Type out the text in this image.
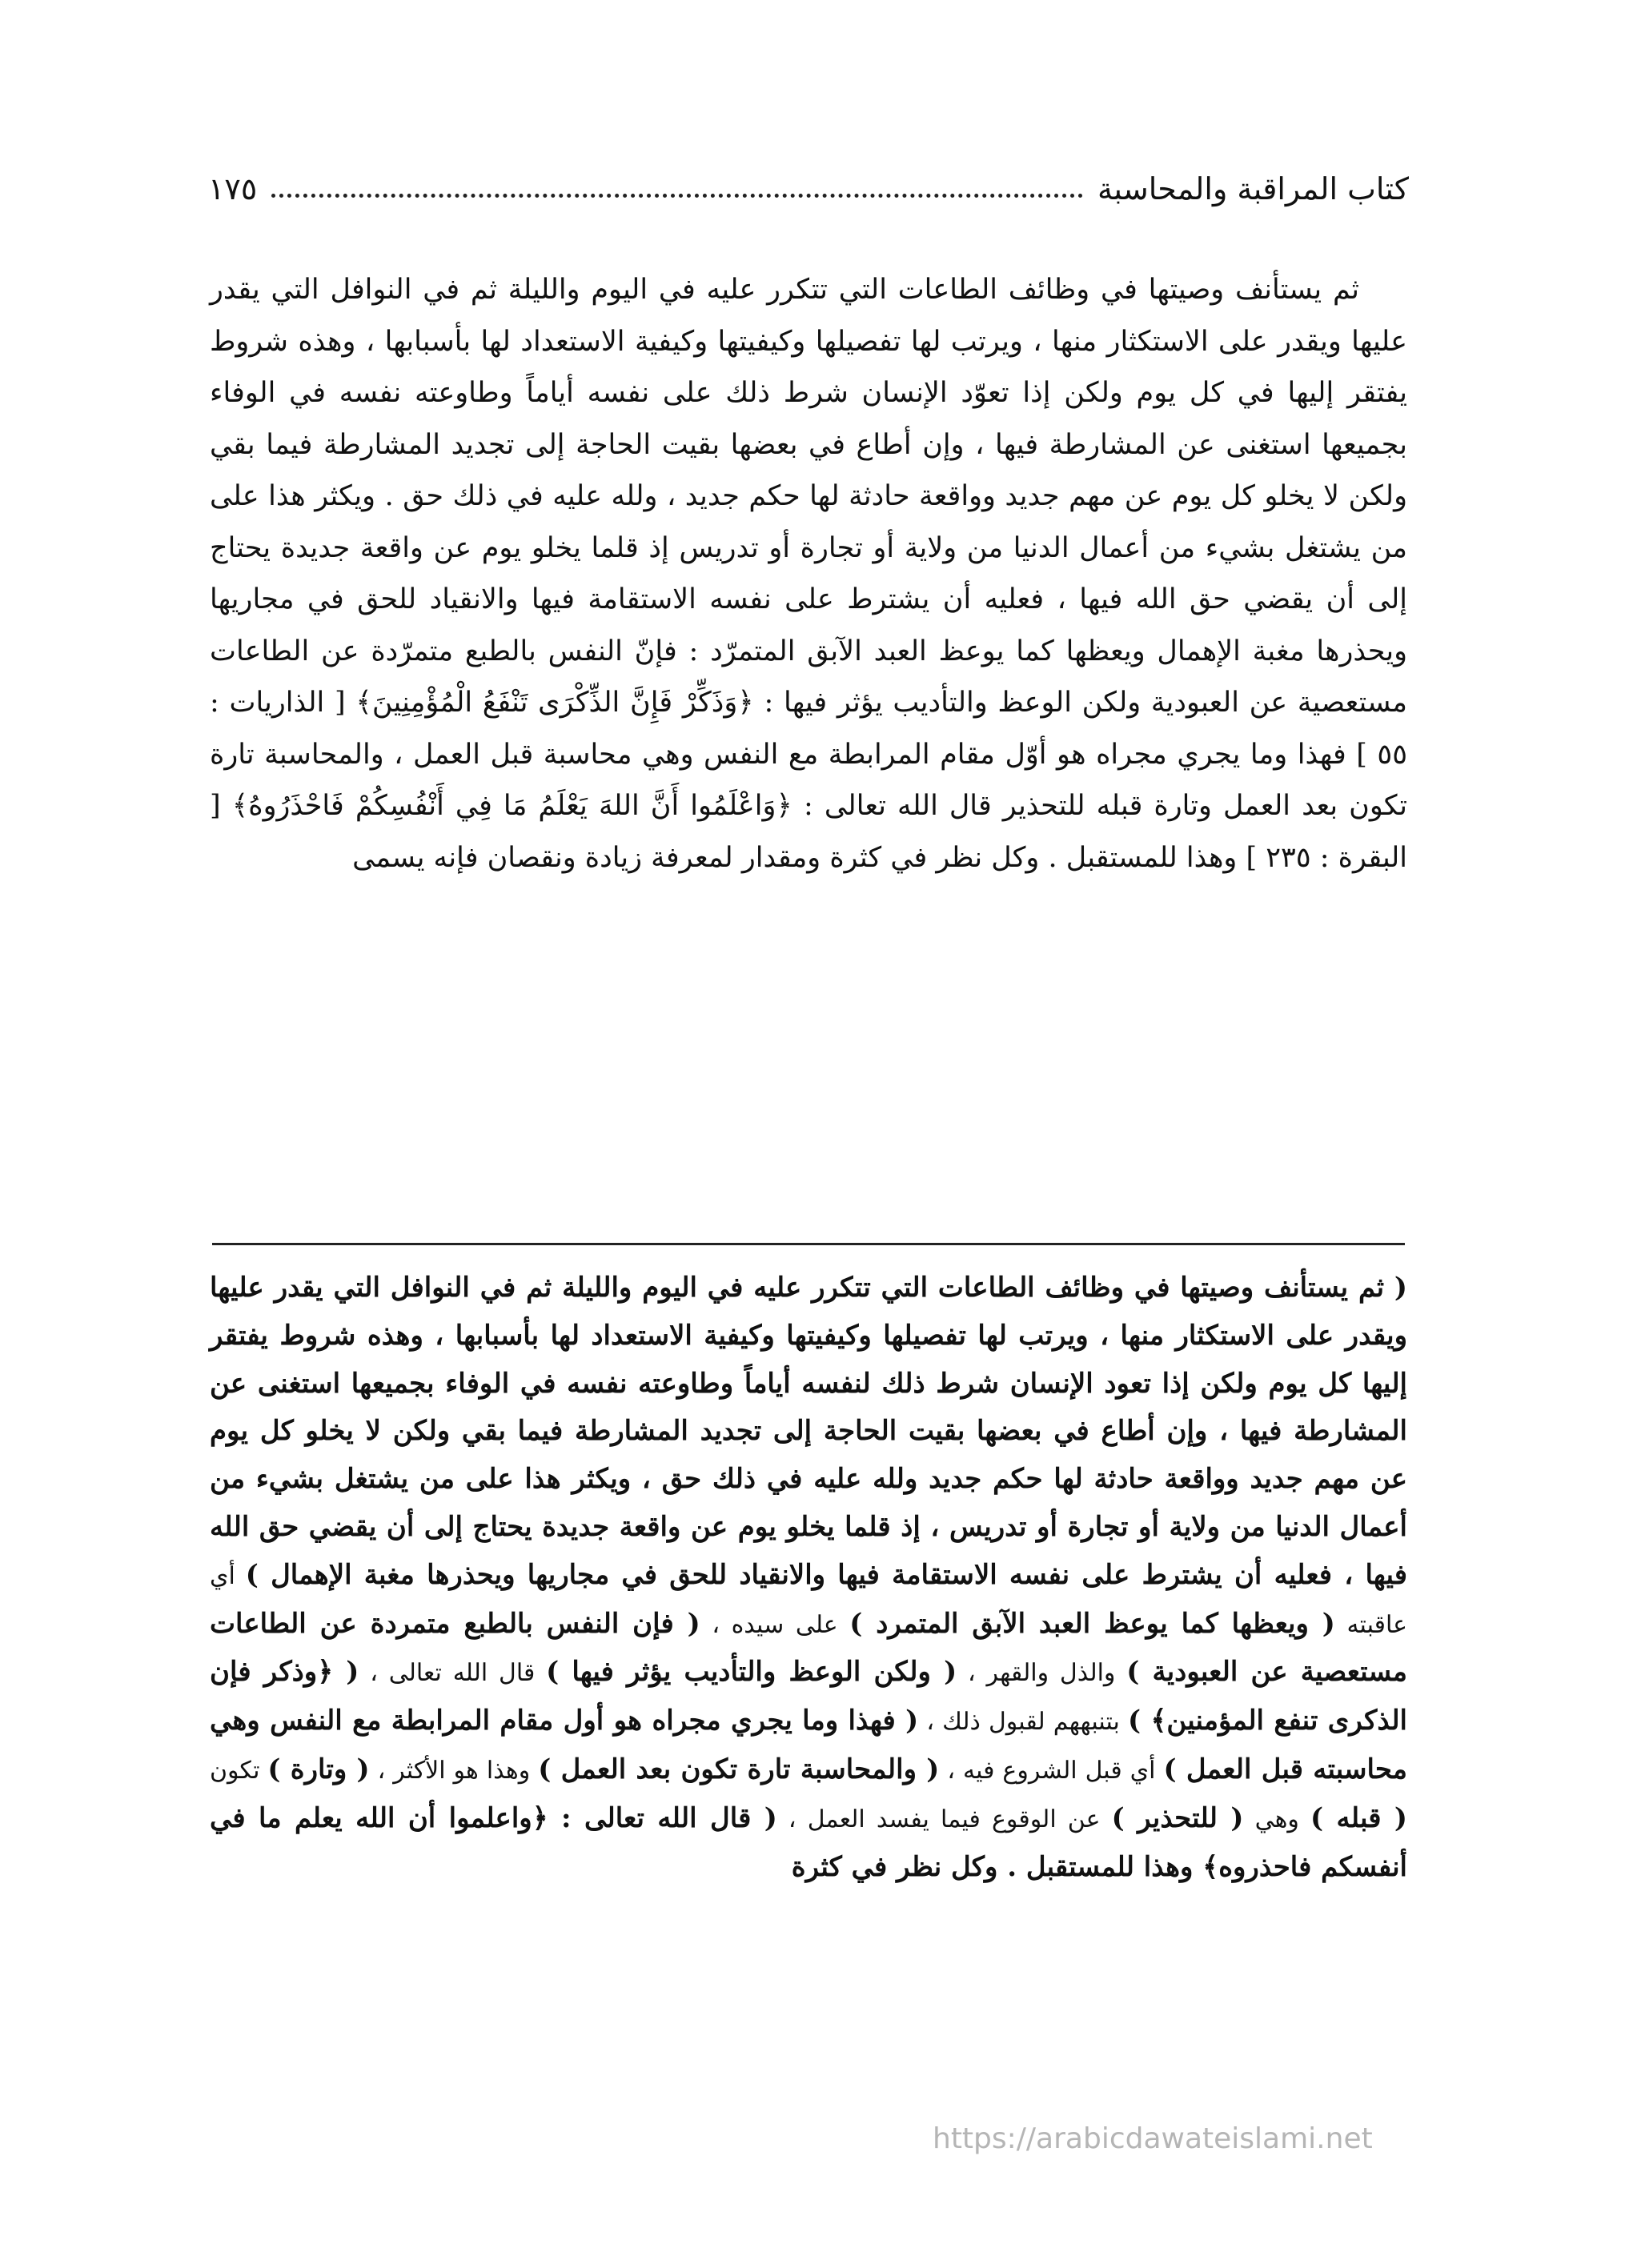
كتاب المراقبة والمحاسبة
١٧٥

ثم يستأنف وصيتها في وظائف الطاعات التي تتكرر عليه في اليوم والليلة ثم في النوافل التي يقدر عليها ويقدر على الاستكثار منها ، ويرتب لها تفصيلها وكيفيتها وكيفية الاستعداد لها بأسبابها ، وهذه شروط يفتقر إليها في كل يوم ولكن إذا تعوّد الإنسان شرط ذلك على نفسه أياماً وطاوعته نفسه في الوفاء بجميعها استغنى عن المشارطة فيها ، وإن أطاع في بعضها بقيت الحاجة إلى تجديد المشارطة فيما بقي ولكن لا يخلو كل يوم عن مهم جديد وواقعة حادثة لها حكم جديد ، ولله عليه في ذلك حق . ويكثر هذا على من يشتغل بشيء من أعمال الدنيا من ولاية أو تجارة أو تدريس إذ قلما يخلو يوم عن واقعة جديدة يحتاج إلى أن يقضي حق الله فيها ، فعليه أن يشترط على نفسه الاستقامة فيها والانقياد للحق في مجاريها ويحذرها مغبة الإهمال ويعظها كما يوعظ العبد الآبق المتمرّد : فإنّ النفس بالطبع متمرّدة عن الطاعات مستعصية عن العبودية ولكن الوعظ والتأديب يؤثر فيها : ﴿وَذَكِّرْ فَإِنَّ الذِّكْرَى تَنْفَعُ الْمُؤْمِنِينَ﴾ [ الذاريات : ٥٥ ] فهذا وما يجري مجراه هو أوّل مقام المرابطة مع النفس وهي محاسبة قبل العمل ، والمحاسبة تارة تكون بعد العمل وتارة قبله للتحذير قال الله تعالى : ﴿وَاعْلَمُوا أَنَّ اللهَ يَعْلَمُ مَا فِي أَنْفُسِكُمْ فَاحْذَرُوهُ﴾ [ البقرة : ٢٣٥ ] وهذا للمستقبل . وكل نظر في كثرة ومقدار لمعرفة زيادة ونقصان فإنه يسمى

( ثم يستأنف وصيتها في وظائف الطاعات التي تتكرر عليه في اليوم والليلة ثم في النوافل التي يقدر عليها ويقدر على الاستكثار منها ، ويرتب لها تفصيلها وكيفيتها وكيفية الاستعداد لها بأسبابها ، وهذه شروط يفتقر إليها كل يوم ولكن إذا تعود الإنسان شرط ذلك لنفسه أياماً وطاوعته نفسه في الوفاء بجميعها استغنى عن المشارطة فيها ، وإن أطاع في بعضها بقيت الحاجة إلى تجديد المشارطة فيما بقي ولكن لا يخلو كل يوم عن مهم جديد وواقعة حادثة لها حكم جديد ولله عليه في ذلك حق ، ويكثر هذا على من يشتغل بشيء من أعمال الدنيا من ولاية أو تجارة أو تدريس ، إذ قلما يخلو يوم عن واقعة جديدة يحتاج إلى أن يقضي حق الله فيها ، فعليه أن يشترط على نفسه الاستقامة فيها والانقياد للحق في مجاريها ويحذرها مغبة الإهمال ) أي عاقبته ( ويعظها كما يوعظ العبد الآبق المتمرد ) على سيده ، ( فإن النفس بالطبع متمردة عن الطاعات مستعصية عن العبودية ) والذل والقهر ، ( ولكن الوعظ والتأديب يؤثر فيها ) قال الله تعالى ، ( ﴿وذكر فإن الذكرى تنفع المؤمنين﴾ ) بتنبههم لقبول ذلك ، ( فهذا وما يجري مجراه هو أول مقام المرابطة مع النفس وهي محاسبته قبل العمل ) أي قبل الشروع فيه ، ( والمحاسبة تارة تكون بعد العمل ) وهذا هو الأكثر ، ( وتارة ) تكون ( قبله ) وهي ( للتحذير ) عن الوقوع فيما يفسد العمل ، ( قال الله تعالى : ﴿واعلموا أن الله يعلم ما في أنفسكم فاحذروه﴾ وهذا للمستقبل . وكل نظر في كثرة

https://arabicdawateislami.net
